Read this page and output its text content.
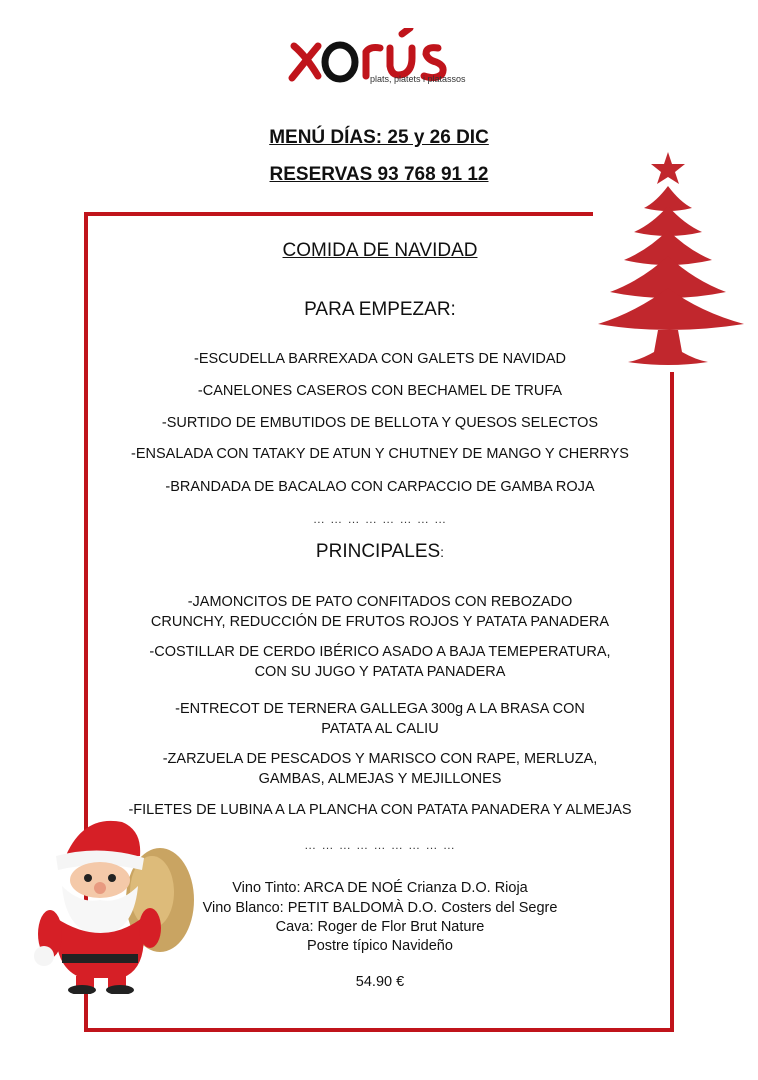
plats, platets i platassos
MENÚ DÍAS: 25 y 26 DIC
RESERVAS 93 768 91 12
COMIDA DE NAVIDAD
PARA EMPEZAR:
-ESCUDELLA BARREXADA CON GALETS DE NAVIDAD
-CANELONES CASEROS CON BECHAMEL DE TRUFA
-SURTIDO DE EMBUTIDOS DE BELLOTA Y QUESOS SELECTOS
-ENSALADA CON TATAKY DE ATUN Y CHUTNEY DE MANGO Y CHERRYS
-BRANDADA DE BACALAO CON CARPACCIO DE GAMBA ROJA
… … … … … … … …
PRINCIPALES:
-JAMONCITOS DE PATO CONFITADOS CON REBOZADO
CRUNCHY, REDUCCIÓN DE FRUTOS ROJOS Y PATATA PANADERA
-COSTILLAR DE CERDO IBÉRICO ASADO A BAJA TEMEPERATURA,
CON SU JUGO Y PATATA PANADERA
-ENTRECOT DE TERNERA GALLEGA 300g A LA BRASA CON
PATATA AL CALIU
-ZARZUELA DE PESCADOS Y MARISCO CON RAPE, MERLUZA,
GAMBAS, ALMEJAS Y MEJILLONES
-FILETES DE LUBINA A LA PLANCHA CON PATATA PANADERA Y ALMEJAS
… … … … … … … … …
Vino Tinto: ARCA DE NOÉ Crianza D.O. Rioja
Vino Blanco: PETIT BALDOMÀ D.O. Costers del Segre
Cava: Roger de Flor Brut Nature
Postre típico Navideño
54.90 €
